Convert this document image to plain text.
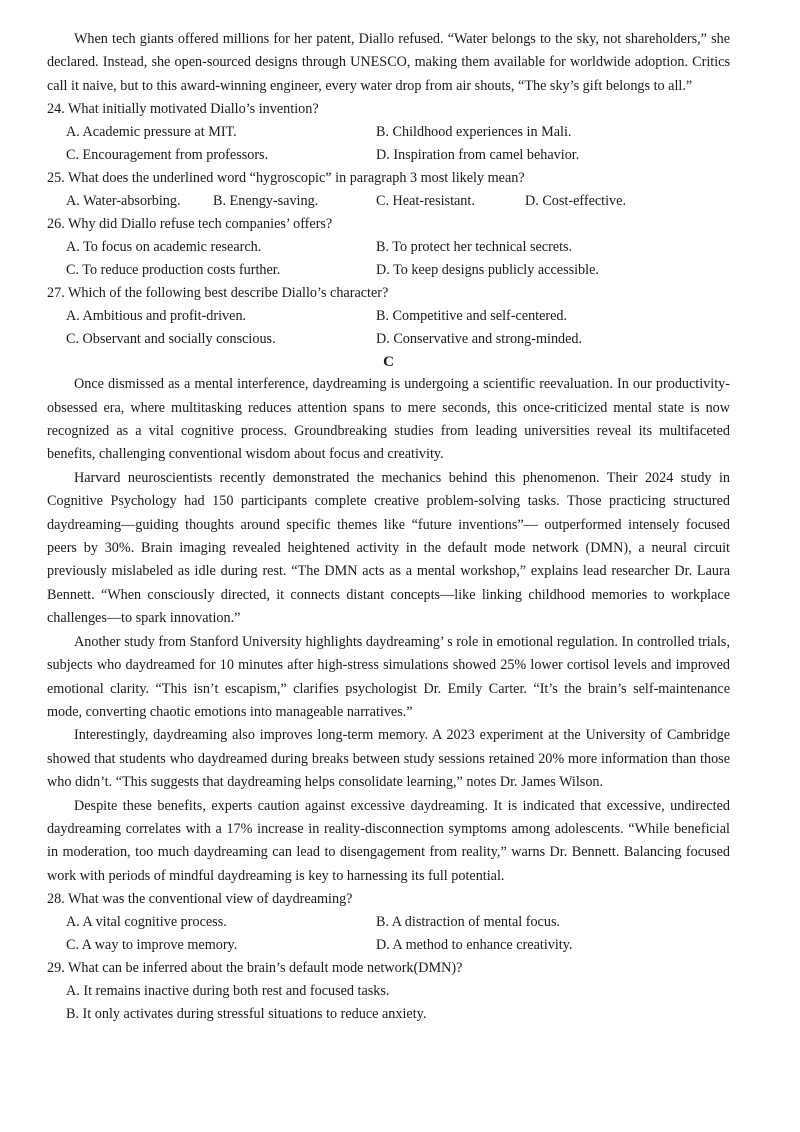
When tech giants offered millions for her patent, Diallo refused. “Water belongs to the sky, not shareholders,” she declared. Instead, she open-sourced designs through UNESCO, making them available for worldwide adoption. Critics call it naive, but to this award-winning engineer, every water drop from air shouts, “The sky’s gift belongs to all.”

24. What initially motivated Diallo’s invention?
A. Academic pressure at MIT.	B. Childhood experiences in Mali.
C. Encouragement from professors.	D. Inspiration from camel behavior.
25. What does the underlined word “hygroscopic” in paragraph 3 most likely mean?
A. Water-absorbing. B. Enengy-saving.	C. Heat-resistant.	D. Cost-effective.
26. Why did Diallo refuse tech companies’ offers?
A. To focus on academic research.	B. To protect her technical secrets.
C. To reduce production costs further.	D. To keep designs publicly accessible.
27. Which of the following best describe Diallo’s character?
A. Ambitious and profit-driven.	B. Competitive and self-centered.
C. Observant and socially conscious.	D. Conservative and strong-minded.
C

Once dismissed as a mental interference, daydreaming is undergoing a scientific reevaluation. In our productivity-obsessed era, where multitasking reduces attention spans to mere seconds, this once-criticized mental state is now recognized as a vital cognitive process. Groundbreaking studies from leading universities reveal its multifaceted benefits, challenging conventional wisdom about focus and creativity.

Harvard neuroscientists recently demonstrated the mechanics behind this phenomenon. Their 2024 study in Cognitive Psychology had 150 participants complete creative problem-solving tasks. Those practicing structured daydreaming—guiding thoughts around specific themes like “future inventions”— outperformed intensely focused peers by 30%. Brain imaging revealed heightened activity in the default mode network (DMN), a neural circuit previously mislabeled as idle during rest. “The DMN acts as a mental workshop,” explains lead researcher Dr. Laura Bennett. “When consciously directed, it connects distant concepts—like linking childhood memories to workplace challenges—to spark innovation.”

Another study from Stanford University highlights daydreaming’ s role in emotional regulation. In controlled trials, subjects who daydreamed for 10 minutes after high-stress simulations showed 25% lower cortisol levels and improved emotional clarity. “This isn’t escapism,” clarifies psychologist Dr. Emily Carter. “It’s the brain’s self-maintenance mode, converting chaotic emotions into manageable narratives.”

Interestingly, daydreaming also improves long-term memory. A 2023 experiment at the University of Cambridge showed that students who daydreamed during breaks between study sessions retained 20% more information than those who didn’t. “This suggests that daydreaming helps consolidate learning,” notes Dr. James Wilson.

Despite these benefits, experts caution against excessive daydreaming. It is indicated that excessive, undirected daydreaming correlates with a 17% increase in reality-disconnection symptoms among adolescents. “While beneficial in moderation, too much daydreaming can lead to disengagement from reality,” warns Dr. Bennett. Balancing focused work with periods of mindful daydreaming is key to harnessing its full potential.

28. What was the conventional view of daydreaming?
A. A vital cognitive process.	B. A distraction of mental focus.
C. A way to improve memory.	D. A method to enhance creativity.
29. What can be inferred about the brain’s default mode network(DMN)?
A. It remains inactive during both rest and focused tasks.
B. It only activates during stressful situations to reduce anxiety.
